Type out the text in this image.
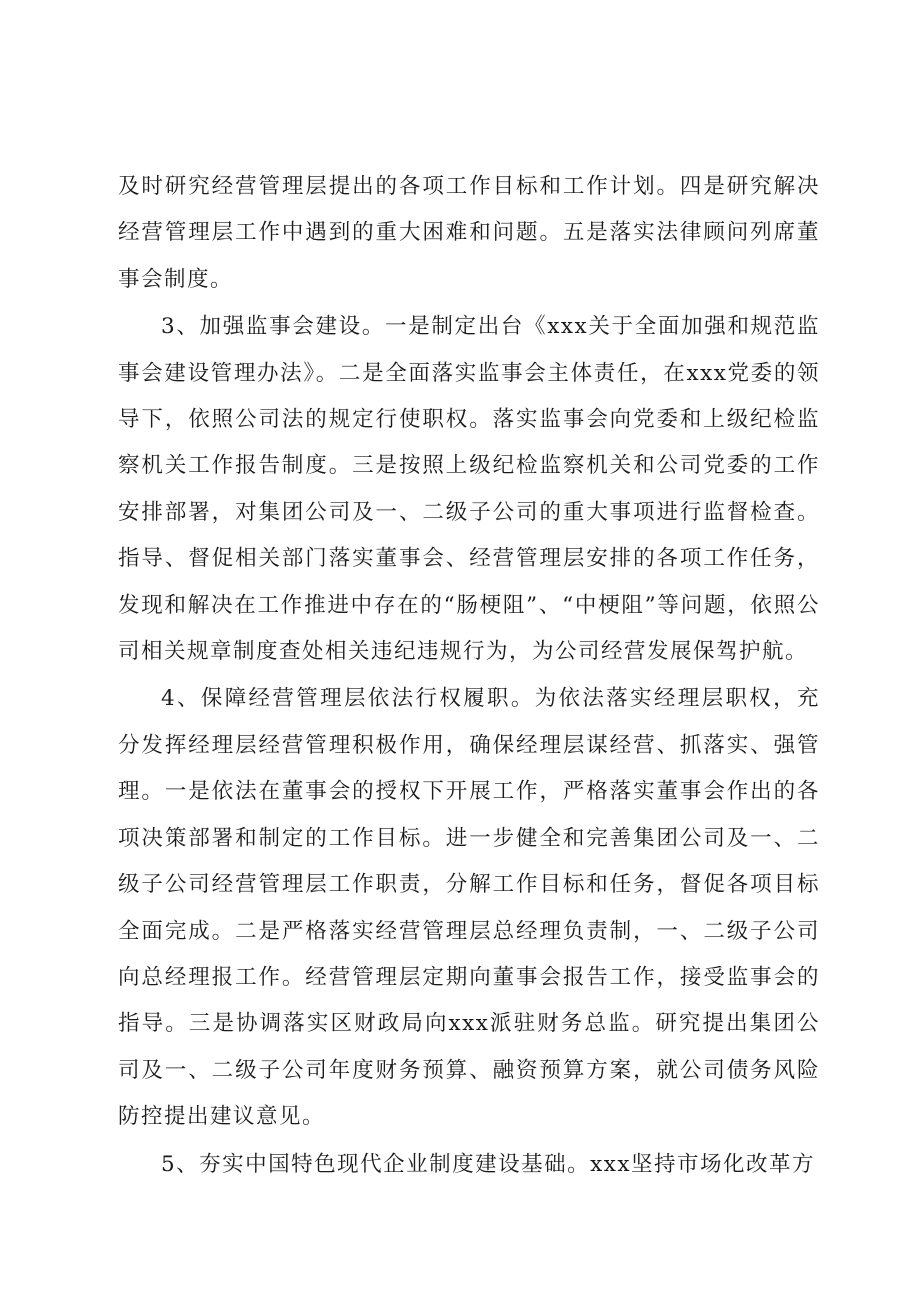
及时研究经营管理层提出的各项工作目标和工作计划。四是研究解决经营管理层工作中遇到的重大困难和问题。五是落实法律顾问列席董事会制度。

3、加强监事会建设。一是制定出台《xxx关于全面加强和规范监事会建设管理办法》。二是全面落实监事会主体责任，在xxx党委的领导下，依照公司法的规定行使职权。落实监事会向党委和上级纪检监察机关工作报告制度。三是按照上级纪检监察机关和公司党委的工作安排部署，对集团公司及一、二级子公司的重大事项进行监督检查。指导、督促相关部门落实董事会、经营管理层安排的各项工作任务，发现和解决在工作推进中存在的“肠梗阻”、“中梗阻”等问题，依照公司相关规章制度查处相关违纪违规行为，为公司经营发展保驾护航。

4、保障经营管理层依法行权履职。为依法落实经理层职权，充分发挥经理层经营管理积极作用，确保经理层谋经营、抓落实、强管理。一是依法在董事会的授权下开展工作，严格落实董事会作出的各项决策部署和制定的工作目标。进一步健全和完善集团公司及一、二级子公司经营管理层工作职责，分解工作目标和任务，督促各项目标全面完成。二是严格落实经营管理层总经理负责制，一、二级子公司向总经理报工作。经营管理层定期向董事会报告工作，接受监事会的指导。三是协调落实区财政局向xxx派驻财务总监。研究提出集团公司及一、二级子公司年度财务预算、融资预算方案，就公司债务风险防控提出建议意见。

5、夯实中国特色现代企业制度建设基础。xxx坚持市场化改革方
